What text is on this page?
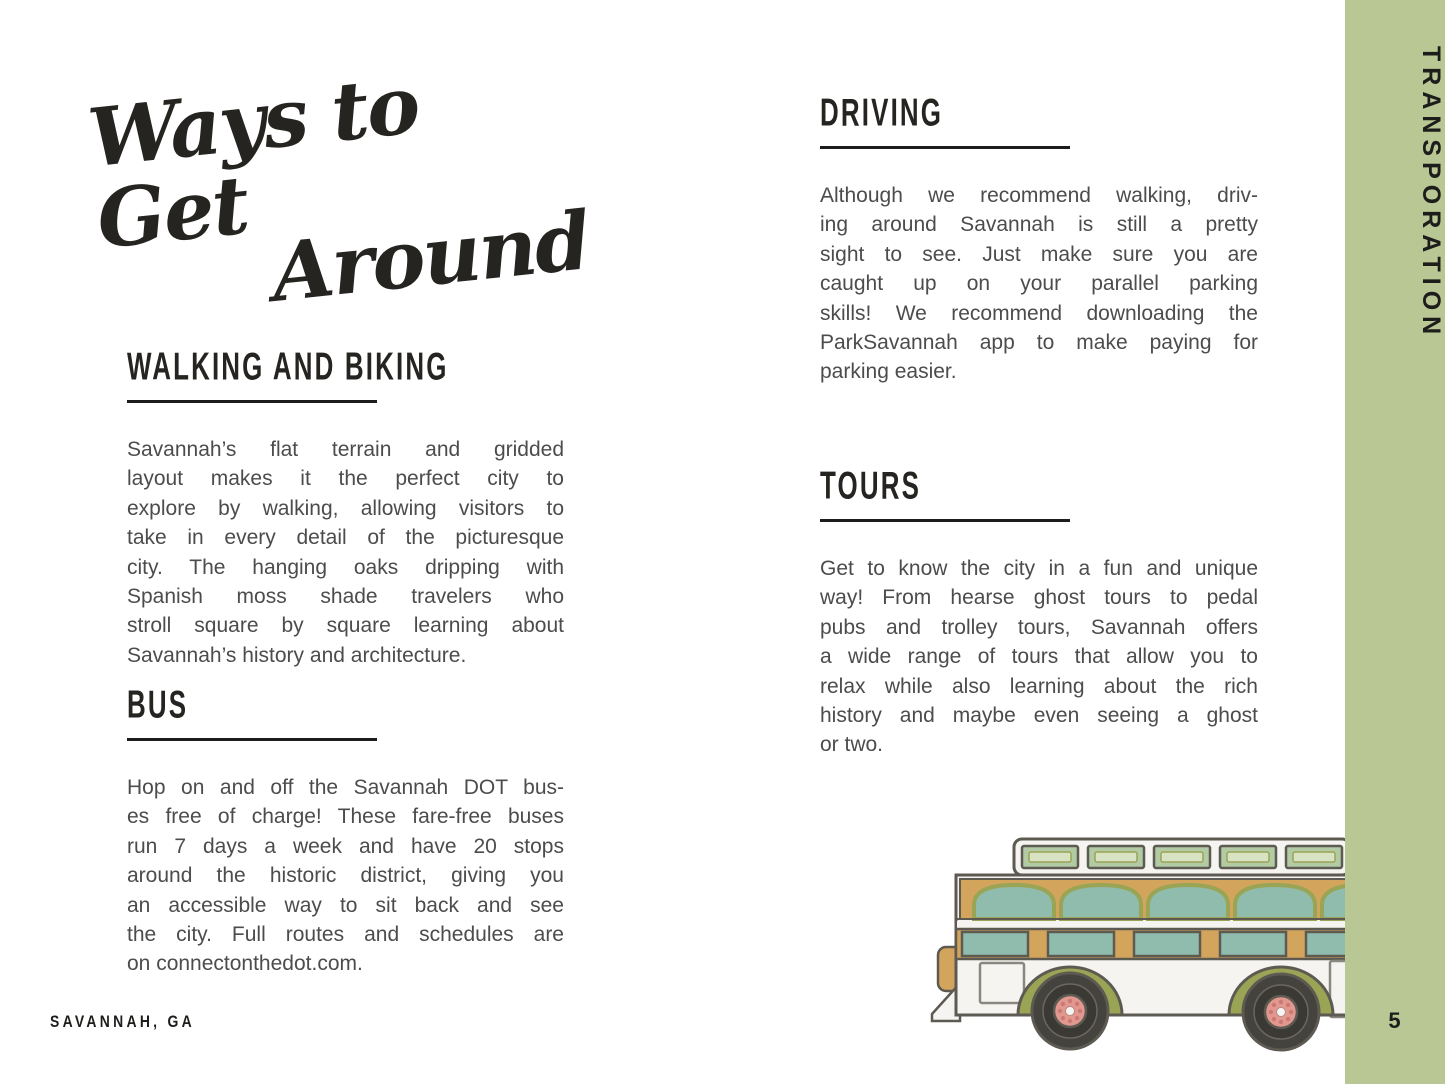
Ways to Get Around
WALKING AND BIKING
Savannah’s flat terrain and gridded
layout makes it the perfect city to
explore by walking, allowing visitors to
take in every detail of the picturesque
city. The hanging oaks dripping with
Spanish moss shade travelers who
stroll square by square learning about
Savannah’s history and architecture.
BUS
Hop on and off the Savannah DOT bus-
es free of charge! These fare-free buses
run 7 days a week and have 20 stops
around the historic district, giving you
an accessible way to sit back and see
the city. Full routes and schedules are
on connectonthedot.com.
DRIVING
Although we recommend walking, driv-
ing around Savannah is still a pretty
sight to see. Just make sure you are
caught up on your parallel parking
skills! We recommend downloading the
ParkSavannah app to make paying for
parking easier.
TOURS
Get to know the city in a fun and unique
way! From hearse ghost tours to pedal
pubs and trolley tours, Savannah offers
a wide range of tours that allow you to
relax while also learning about the rich
history and maybe even seeing a ghost
or two.
SAVANNAH, GA
TRANSPORATION
5
